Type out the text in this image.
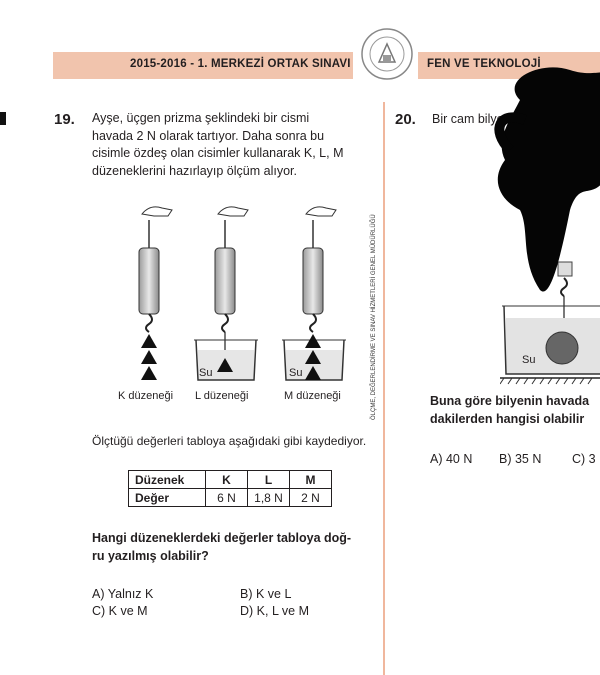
2015-2016 - 1. MERKEZİ ORTAK SINAVI	FEN VE TEKNOLOJİ
19. Ayşe, üçgen prizma şeklindeki bir cismi
havada 2 N olarak tartıyor. Daha sonra bu
cisimle özdeş olan cisimler kullanarak K, L, M
düzeneklerini hazırlayıp ölçüm alıyor.
Su	Su
K düzeneği L düzeneği	M düzeneği
Ölçtüğü değerleri tabloya aşağıdaki gibi kaydediyor.
Düzenek	K	L	M
Değer	6 N	1,8 N	2 N
Hangi düzeneklerdeki değerler tabloya doğ-
ru yazılmış olabilir?
A) Yalnız K	B) K ve L
C) K ve M	D) K, L ve M
ÖLÇME, DEĞERLENDİRME VE SINAV HİZMETLERİ GENEL MÜDÜRLÜĞÜ
20. Bir cam bilye,
Su
Buna göre bilyenin havada
dakilerden hangisi olabilir
A) 40 N B) 35 N C) 3
